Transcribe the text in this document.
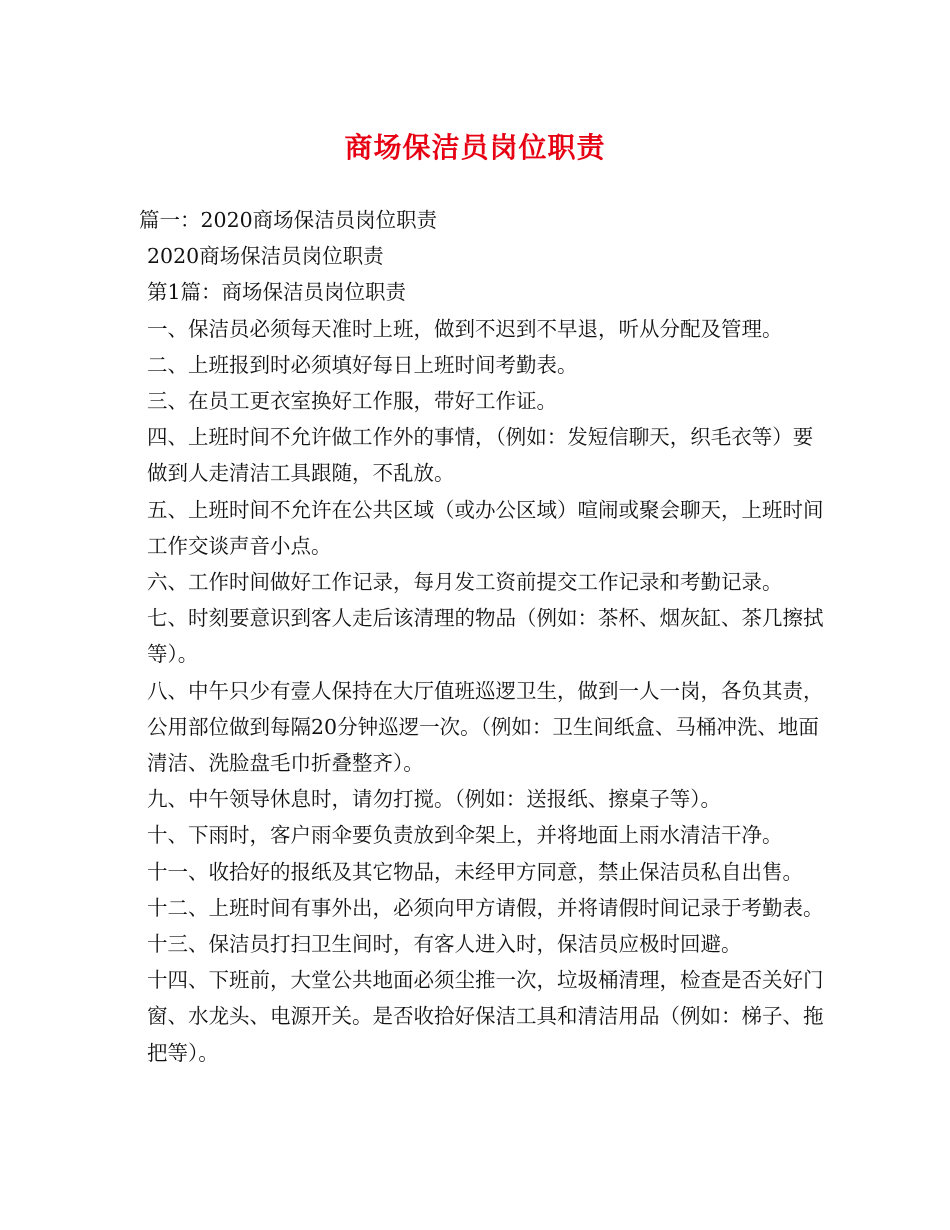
商场保洁员岗位职责

篇一：2020商场保洁员岗位职责

2020商场保洁员岗位职责

第1篇：商场保洁员岗位职责

一、保洁员必须每天准时上班，做到不迟到不早退，听从分配及管理。

二、上班报到时必须填好每日上班时间考勤表。

三、在员工更衣室换好工作服，带好工作证。

四、上班时间不允许做工作外的事情，（例如：发短信聊天，织毛衣等）要做到人走清洁工具跟随，不乱放。

五、上班时间不允许在公共区域（或办公区域）喧闹或聚会聊天，上班时间工作交谈声音小点。

六、工作时间做好工作记录，每月发工资前提交工作记录和考勤记录。

七、时刻要意识到客人走后该清理的物品（例如：茶杯、烟灰缸、茶几擦拭等）。

八、中午只少有壹人保持在大厅值班巡逻卫生，做到一人一岗，各负其责，公用部位做到每隔20分钟巡逻一次。（例如：卫生间纸盒、马桶冲洗、地面清洁、洗脸盘毛巾折叠整齐）。

九、中午领导休息时，请勿打搅。（例如：送报纸、擦桌子等）。

十、下雨时，客户雨伞要负责放到伞架上，并将地面上雨水清洁干净。

十一、收拾好的报纸及其它物品，未经甲方同意，禁止保洁员私自出售。 十二、上班时间有事外出，必须向甲方请假，并将请假时间记录于考勤表。 十三、保洁员打扫卫生间时，有客人进入时，保洁员应极时回避。

十四、下班前，大堂公共地面必须尘推一次，垃圾桶清理，检查是否关好门窗、水龙头、电源开关。是否收拾好保洁工具和清洁用品（例如：梯子、拖把等）。
